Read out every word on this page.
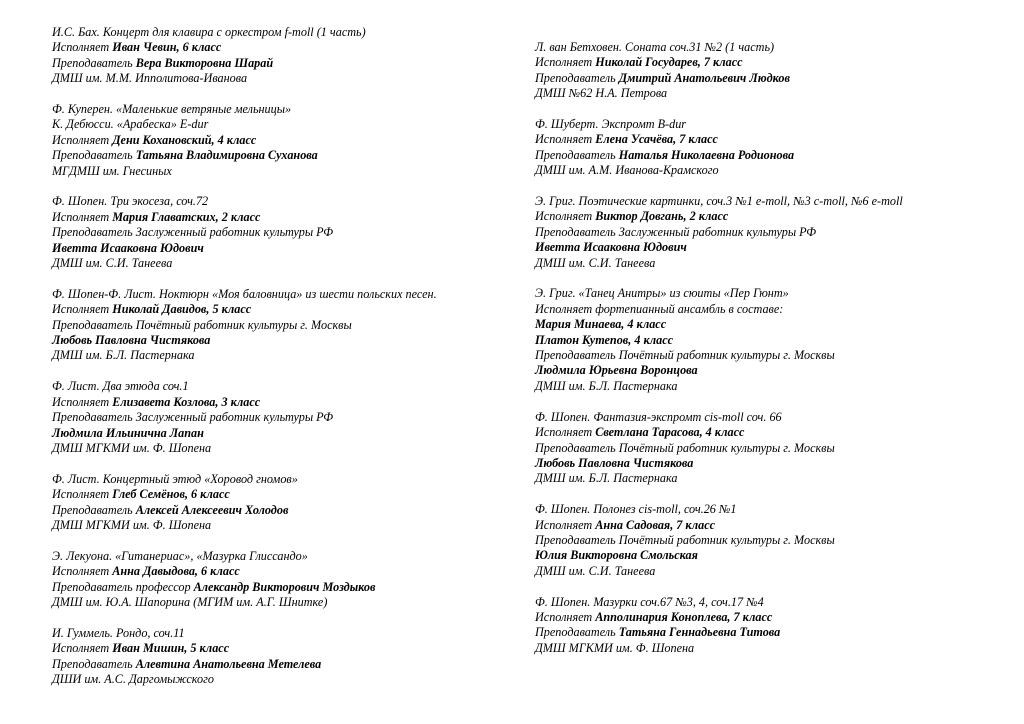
И.С. Бах. Концерт для клавира с оркестром f-moll (1 часть)
Исполняет Иван Чевин, 6 класс
Преподаватель Вера Викторовна Шарай
ДМШ им. М.М. Ипполитова-Иванова
Ф. Куперен. «Маленькие ветряные мельницы»
К. Дебюсси. «Арабеска» E-dur
Исполняет Дени Кохановский, 4 класс
Преподаватель Татьяна Владимировна Суханова
МГДМШ им. Гнесиных
Ф. Шопен. Три экосеза, соч.72
Исполняет Мария Главатских, 2 класс
Преподаватель Заслуженный работник культуры РФ
Иветта Исааковна Юдович
ДМШ им. С.И. Танеева
Ф. Шопен-Ф. Лист. Ноктюрн «Моя баловница» из шести польских песен.
Исполняет Николай Давидов, 5 класс
Преподаватель Почётный работник культуры г. Москвы
Любовь Павловна Чистякова
ДМШ им. Б.Л. Пастернака
Ф. Лист. Два этюда соч.1
Исполняет Елизавета Козлова, 3 класс
Преподаватель Заслуженный работник культуры РФ
Людмила Ильинична Лапан
ДМШ МГКМИ им. Ф. Шопена
Ф. Лист. Концертный этюд «Хоровод гномов»
Исполняет Глеб Семёнов, 6 класс
Преподаватель Алексей Алексеевич Холодов
ДМШ МГКМИ им. Ф. Шопена
Э. Лекуона. «Гитанериас», «Мазурка Глиссандо»
Исполняет Анна Давыдова, 6 класс
Преподаватель профессор Александр Викторович Моздыков
ДМШ им. Ю.А. Шапорина (МГИМ им. А.Г. Шнитке)
И. Гуммель. Рондо, соч.11
Исполняет Иван Мишин, 5 класс
Преподаватель Алевтина Анатольевна Метелева
ДШИ им. А.С. Даргомыжского
Л. ван Бетховен. Соната соч.31 №2 (1 часть)
Исполняет Николай Государев, 7 класс
Преподаватель Дмитрий Анатольевич Людков
ДМШ №62 Н.А. Петрова
Ф. Шуберт. Экспромт B-dur
Исполняет Елена Усачёва, 7 класс
Преподаватель Наталья Николаевна Родионова
ДМШ им. А.М. Иванова-Крамского
Э. Григ. Поэтические картинки, соч.3 №1 e-moll, №3 c-moll, №6 e-moll
Исполняет Виктор Довгань, 2 класс
Преподаватель Заслуженный работник культуры РФ
Иветта Исааковна Юдович
ДМШ им. С.И. Танеева
Э. Григ. «Танец Анитры» из сюиты «Пер Гюнт»
Исполняет фортепианный ансамбль в составе:
Мария Минаева, 4 класс
Платон Кутепов, 4 класс
Преподаватель Почётный работник культуры г. Москвы
Людмила Юрьевна Воронцова
ДМШ им. Б.Л. Пастернака
Ф. Шопен. Фантазия-экспромт cis-moll соч. 66
Исполняет Светлана Тарасова, 4 класс
Преподаватель Почётный работник культуры г. Москвы
Любовь Павловна Чистякова
ДМШ им. Б.Л. Пастернака
Ф. Шопен. Полонез cis-moll, соч.26 №1
Исполняет Анна Садовая, 7 класс
Преподаватель Почётный работник культуры г. Москвы
Юлия Викторовна Смольская
ДМШ им. С.И. Танеева
Ф. Шопен. Мазурки соч.67 №3, 4, соч.17 №4
Исполняет Апполинария Коноплева, 7 класс
Преподаватель Татьяна Геннадьевна Титова
ДМШ МГКМИ им. Ф. Шопена
